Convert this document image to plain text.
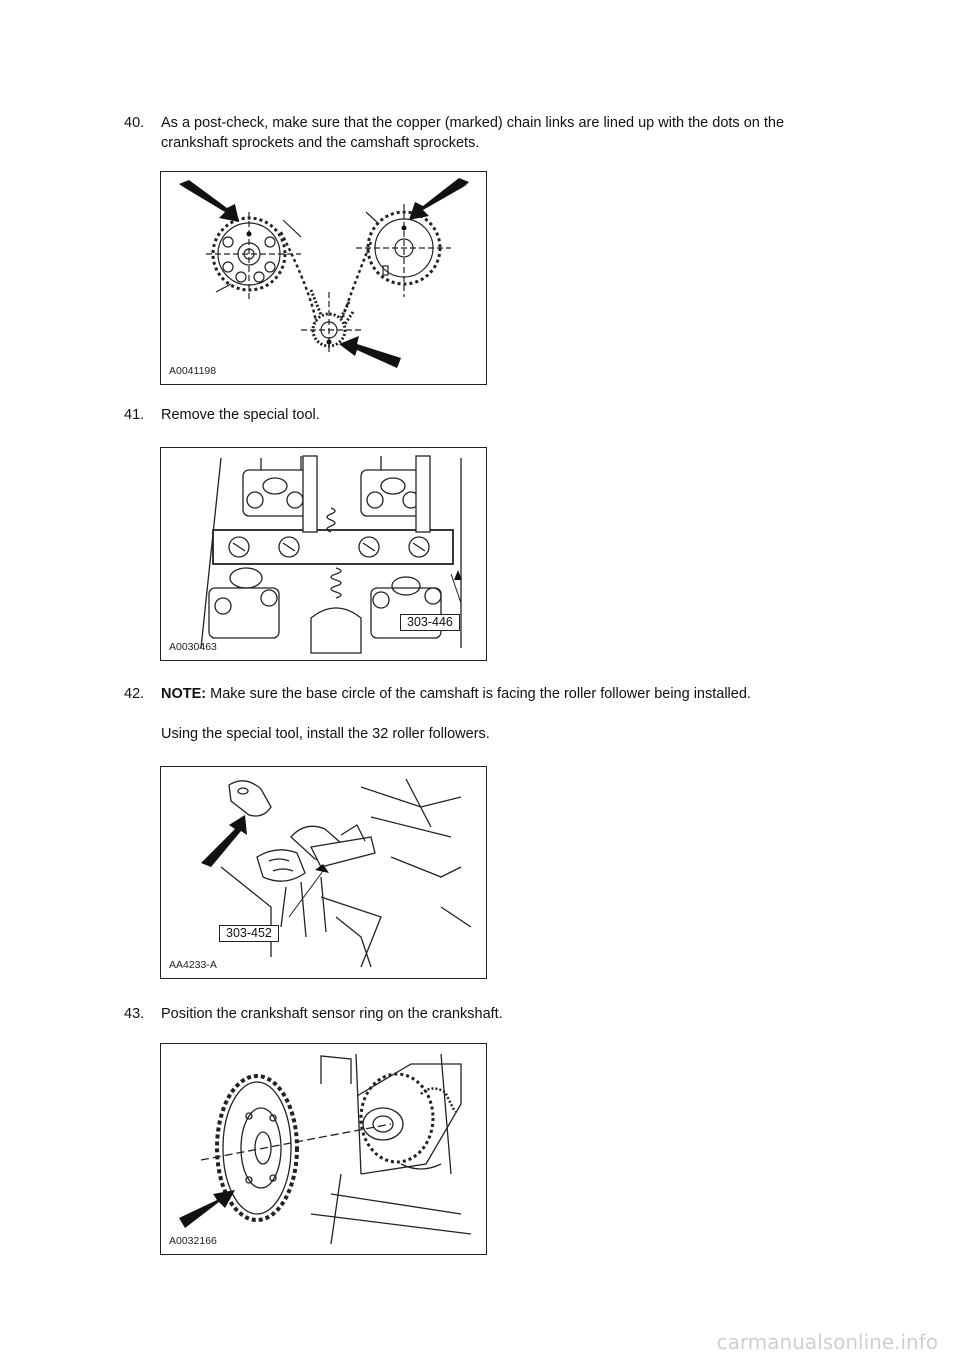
40.	As a post-check, make sure that the copper (marked) chain links are lined up with the dots on the crankshaft sprockets and the camshaft sprockets.
A0041198
41.	Remove the special tool.
303-446
A0030463
42.	NOTE: Make sure the base circle of the camshaft is facing the roller follower being installed.
Using the special tool, install the 32 roller followers.
303-452
AA4233-A
43.	Position the crankshaft sensor ring on the crankshaft.
A0032166
carmanualsonline.info
